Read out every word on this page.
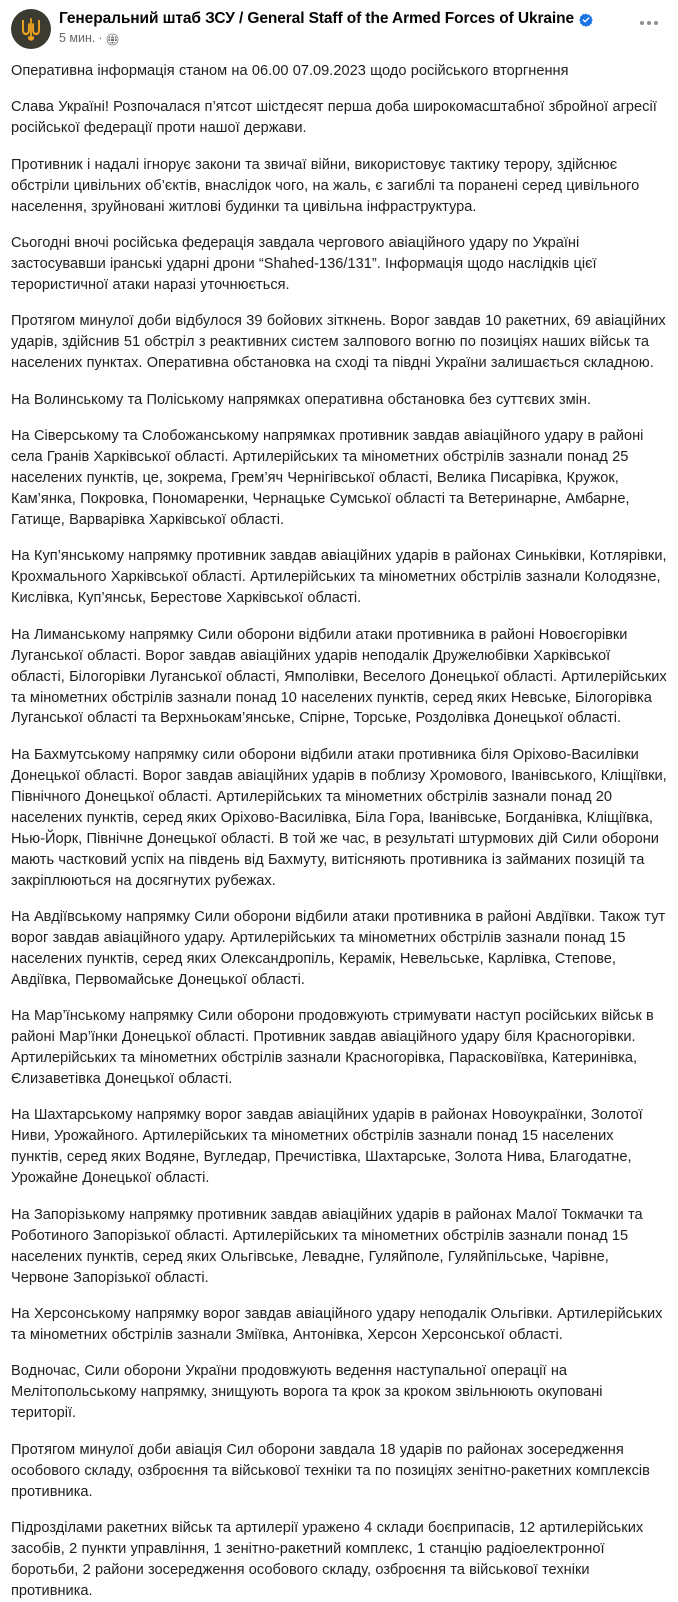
Генеральний штаб ЗСУ / General Staff of the Armed Forces of Ukraine
5 мин. ·

Оперативна інформація станом на 06.00 07.09.2023 щодо російського вторгнення

Слава Україні! Розпочалася п’ятсот шістдесят перша доба широкомасштабної збройної агресії російської федерації проти нашої держави.

Противник і надалі ігнорує закони та звичаї війни, використовує тактику терору, здійснює обстріли цивільних об’єктів, внаслідок чого, на жаль, є загиблі та поранені серед цивільного населення, зруйновані житлові будинки та цивільна інфраструктура.

Сьогодні вночі російська федерація завдала чергового авіаційного удару по Україні застосувавши іранські ударні дрони “Shahed-136/131”. Інформація щодо наслідків цієї терористичної атаки наразі уточнюється.

Протягом минулої доби відбулося 39 бойових зіткнень. Ворог завдав 10 ракетних, 69 авіаційних ударів, здійснив 51 обстріл з реактивних систем залпового вогню по позиціях наших військ та населених пунктах. Оперативна обстановка на сході та півдні України залишається складною.

На Волинському та Поліському напрямках оперативна обстановка без суттєвих змін.

На Сіверському та Слобожанському напрямках противник завдав авіаційного удару в районі села Гранів Харківської області. Артилерійських та мінометних обстрілів зазнали понад 25 населених пунктів, це, зокрема, Грем’яч Чернігівської області, Велика Писарівка, Кружок, Кам’янка, Покровка, Пономаренки, Чернацьке Сумської області та Ветеринарне, Амбарне, Гатище, Варварівка Харківської області.

На Куп’янському напрямку противник завдав авіаційних ударів в районах Синьківки, Котлярівки, Крохмального Харківської області. Артилерійських та мінометних обстрілів зазнали Колодязне, Кислівка, Куп’янськ, Берестове Харківської області.

На Лиманському напрямку Сили оборони відбили атаки противника в районі Новоєгорівки Луганської області. Ворог завдав авіаційних ударів неподалік Дружелюбівки Харківської області, Білогорівки Луганської області, Ямполівки, Веселого Донецької області. Артилерійських та мінометних обстрілів зазнали понад 10 населених пунктів, серед яких Невське, Білогорівка Луганської області та Верхньокам’янське, Спірне, Торське, Роздолівка Донецької області.

На Бахмутському напрямку сили оборони відбили атаки противника біля Оріхово-Василівки Донецької області. Ворог завдав авіаційних ударів в поблизу Хромового, Іванівського, Кліщіївки, Північного Донецької області. Артилерійських та мінометних обстрілів зазнали понад 20 населених пунктів, серед яких Оріхово-Василівка, Біла Гора, Іванівське, Богданівка, Кліщіївка, Нью-Йорк, Північне Донецької області. В той же час, в результаті штурмових дій Сили оборони мають частковий успіх на південь від Бахмуту, витісняють противника із займаних позицій та закріплюються на досягнутих рубежах.

На Авдіївському напрямку Сили оборони відбили атаки противника в районі Авдіївки. Також тут ворог завдав авіаційного удару. Артилерійських та мінометних обстрілів зазнали понад 15 населених пунктів, серед яких Олександропіль, Керамік, Невельське, Карлівка, Степове, Авдіївка, Первомайське Донецької області.

На Мар’їнському напрямку Сили оборони продовжують стримувати наступ російських військ в районі Мар’їнки Донецької області. Противник завдав авіаційного удару біля Красногорівки. Артилерійських та мінометних обстрілів зазнали Красногорівка, Парасковіївка, Катеринівка, Єлизаветівка Донецької області.

На Шахтарському напрямку ворог завдав авіаційних ударів в районах Новоукраїнки, Золотої Ниви, Урожайного. Артилерійських та мінометних обстрілів зазнали понад 15 населених пунктів, серед яких Водяне, Вугледар, Пречистівка, Шахтарське, Золота Нива, Благодатне, Урожайне Донецької області.

На Запорізькому напрямку противник завдав авіаційних ударів в районах Малої Токмачки та Роботиного Запорізької області. Артилерійських та мінометних обстрілів зазнали понад 15 населених пунктів, серед яких Ольгівське, Левадне, Гуляйполе, Гуляйпільське, Чарівне, Червоне Запорізької області.

На Херсонському напрямку ворог завдав авіаційного удару неподалік Ольгівки. Артилерійських та мінометних обстрілів зазнали Зміївка, Антонівка, Херсон Херсонської області.

Водночас, Сили оборони України продовжують ведення наступальної операції на Мелітопольському напрямку, знищують ворога та крок за кроком звільнюють окуповані території.

Протягом минулої доби авіація Сил оборони завдала 18 ударів по районах зосередження особового складу, озброєння та військової техніки та по позиціях зенітно-ракетних комплексів противника.

Підрозділами ракетних військ та артилерії уражено 4 склади боєприпасів, 12 артилерійських засобів, 2 пункти управління, 1 зенітно-ракетний комплекс, 1 станцію радіоелектронної боротьби, 2 райони зосередження особового складу, озброєння та військової техніки противника.
